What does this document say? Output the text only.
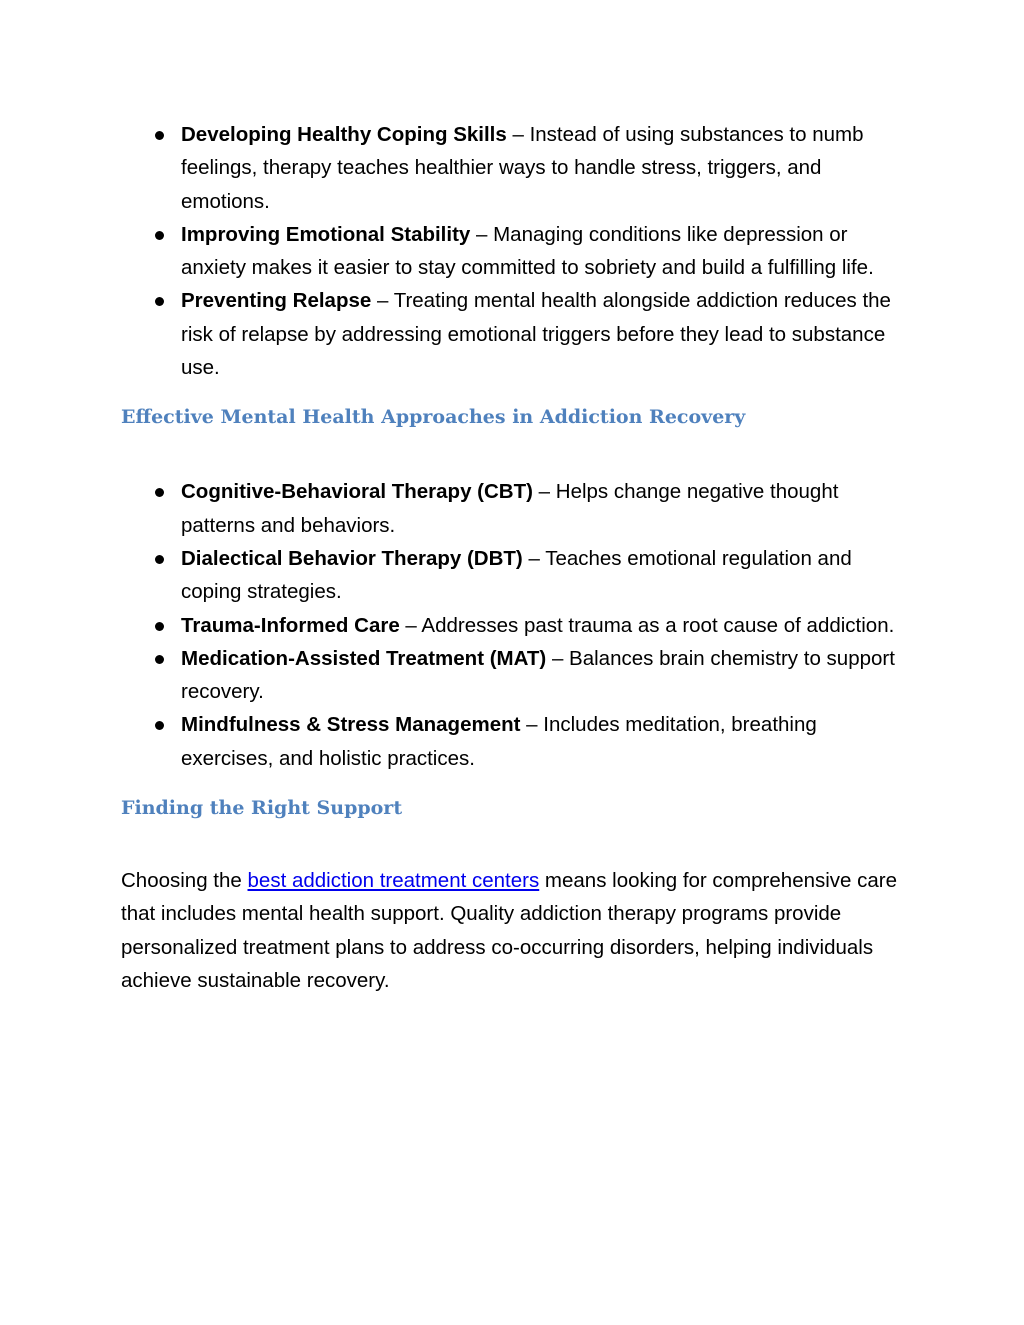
Developing Healthy Coping Skills – Instead of using substances to numb feelings, therapy teaches healthier ways to handle stress, triggers, and emotions.
Improving Emotional Stability – Managing conditions like depression or anxiety makes it easier to stay committed to sobriety and build a fulfilling life.
Preventing Relapse – Treating mental health alongside addiction reduces the risk of relapse by addressing emotional triggers before they lead to substance use.
Effective Mental Health Approaches in Addiction Recovery
Cognitive-Behavioral Therapy (CBT) – Helps change negative thought patterns and behaviors.
Dialectical Behavior Therapy (DBT) – Teaches emotional regulation and coping strategies.
Trauma-Informed Care – Addresses past trauma as a root cause of addiction.
Medication-Assisted Treatment (MAT) – Balances brain chemistry to support recovery.
Mindfulness & Stress Management – Includes meditation, breathing exercises, and holistic practices.
Finding the Right Support

Choosing the best addiction treatment centers means looking for comprehensive care that includes mental health support. Quality addiction therapy programs provide personalized treatment plans to address co-occurring disorders, helping individuals achieve sustainable recovery.
